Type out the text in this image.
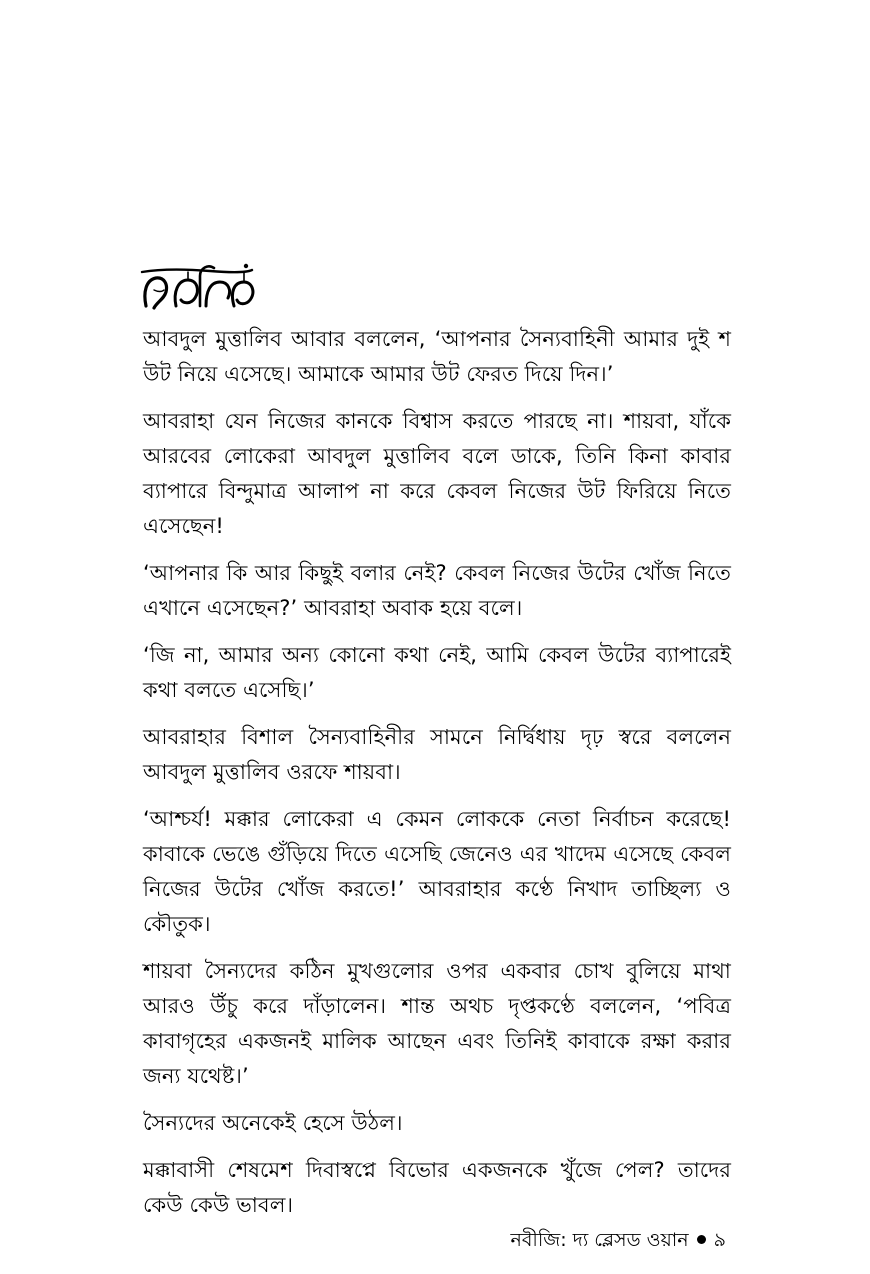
আবদুল মুত্তালিব আবার বললেন, ‘আপনার সৈন্যবাহিনী আমার দুই শ উট নিয়ে এসেছে। আমাকে আমার উট ফেরত দিয়ে দিন।’

আবরাহা যেন নিজের কানকে বিশ্বাস করতে পারছে না। শায়বা, যাঁকে আরবের লোকেরা আবদুল মুত্তালিব বলে ডাকে, তিনি কিনা কাবার ব্যাপারে বিন্দুমাত্র আলাপ না করে কেবল নিজের উট ফিরিয়ে নিতে এসেছেন!

‘আপনার কি আর কিছুই বলার নেই? কেবল নিজের উটের খোঁজ নিতে এখানে এসেছেন?’ আবরাহা অবাক হয়ে বলে।

‘জি না, আমার অন্য কোনো কথা নেই, আমি কেবল উটের ব্যাপারেই কথা বলতে এসেছি।’

আবরাহার বিশাল সৈন্যবাহিনীর সামনে নির্দ্বিধায় দৃঢ় স্বরে বললেন আবদুল মুত্তালিব ওরফে শায়বা।

‘আশ্চর্য! মক্কার লোকেরা এ কেমন লোককে নেতা নির্বাচন করেছে! কাবাকে ভেঙে গুঁড়িয়ে দিতে এসেছি জেনেও এর খাদেম এসেছে কেবল নিজের উটের খোঁজ করতে!’ আবরাহার কণ্ঠে নিখাদ তাচ্ছিল্য ও কৌতুক।

শায়বা সৈন্যদের কঠিন মুখগুলোর ওপর একবার চোখ বুলিয়ে মাথা আরও উঁচু করে দাঁড়ালেন। শান্ত অথচ দৃপ্তকণ্ঠে বললেন, ‘পবিত্র কাবাগৃহের একজনই মালিক আছেন এবং তিনিই কাবাকে রক্ষা করার জন্য যথেষ্ট।’

সৈন্যদের অনেকেই হেসে উঠল।

মক্কাবাসী শেষমেশ দিবাস্বপ্নে বিভোর একজনকে খুঁজে পেল? তাদের কেউ কেউ ভাবল।

নবীজি: দ্য ব্লেসড ওয়ান ৯
